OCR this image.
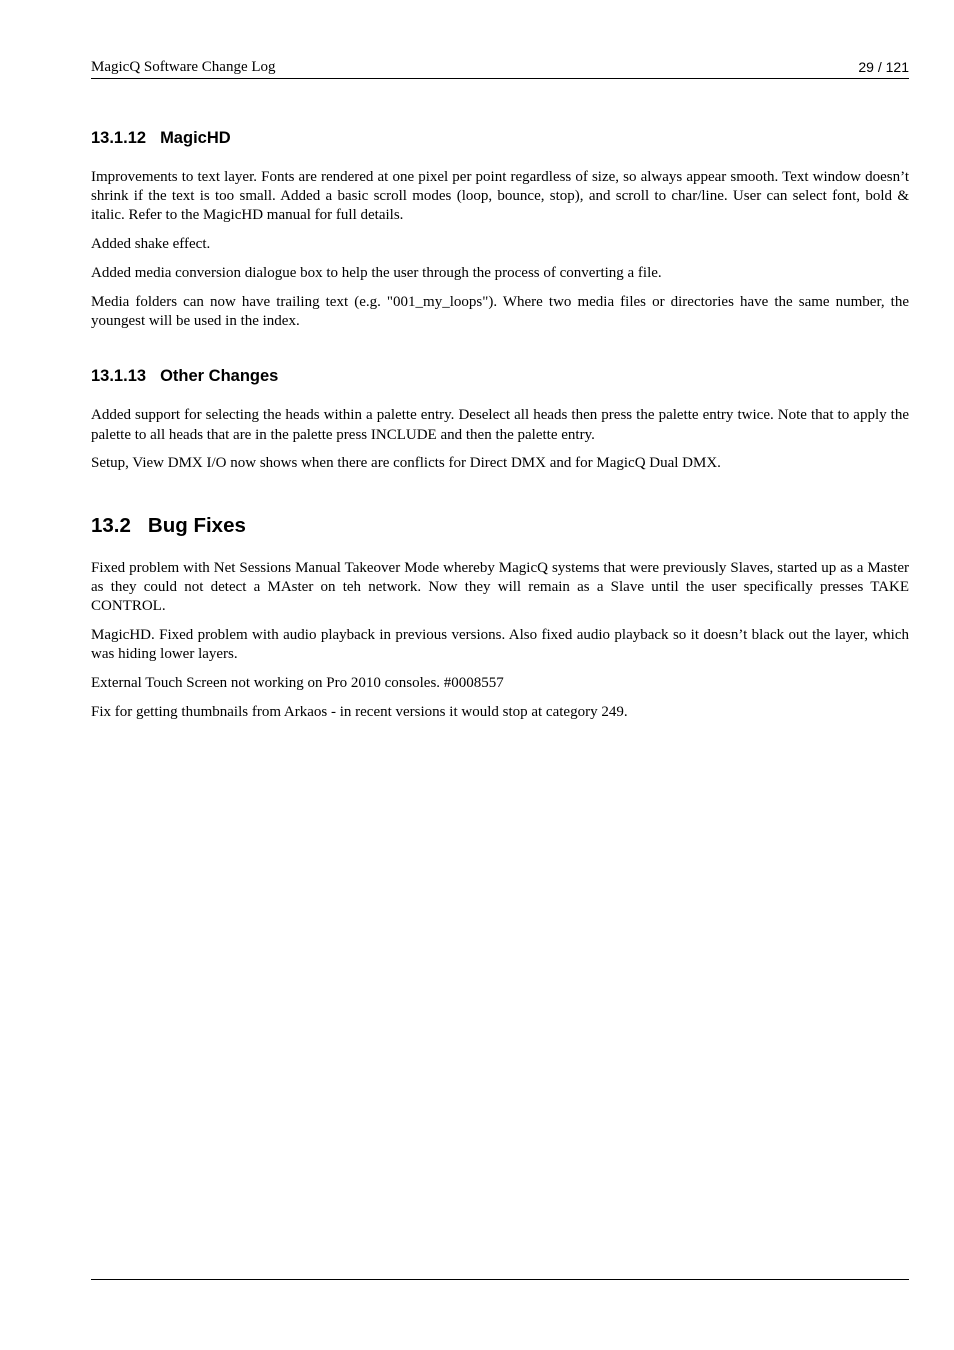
MagicQ Software Change Log	29 / 121
13.1.12 MagicHD

Improvements to text layer. Fonts are rendered at one pixel per point regardless of size, so always appear smooth. Text window doesn’t shrink if the text is too small. Added a basic scroll modes (loop, bounce, stop), and scroll to char/line. User can select font, bold & italic. Refer to the MagicHD manual for full details.

Added shake effect.

Added media conversion dialogue box to help the user through the process of converting a file.

Media folders can now have trailing text (e.g. "001_my_loops"). Where two media files or directories have the same number, the youngest will be used in the index.

13.1.13 Other Changes

Added support for selecting the heads within a palette entry. Deselect all heads then press the palette entry twice. Note that to apply the palette to all heads that are in the palette press INCLUDE and then the palette entry.

Setup, View DMX I/O now shows when there are conflicts for Direct DMX and for MagicQ Dual DMX.

13.2 Bug Fixes

Fixed problem with Net Sessions Manual Takeover Mode whereby MagicQ systems that were previously Slaves, started up as a Master as they could not detect a MAster on teh network. Now they will remain as a Slave until the user specifically presses TAKE CONTROL.

MagicHD. Fixed problem with audio playback in previous versions. Also fixed audio playback so it doesn’t black out the layer, which was hiding lower layers.

External Touch Screen not working on Pro 2010 consoles. #0008557

Fix for getting thumbnails from Arkaos - in recent versions it would stop at category 249.
